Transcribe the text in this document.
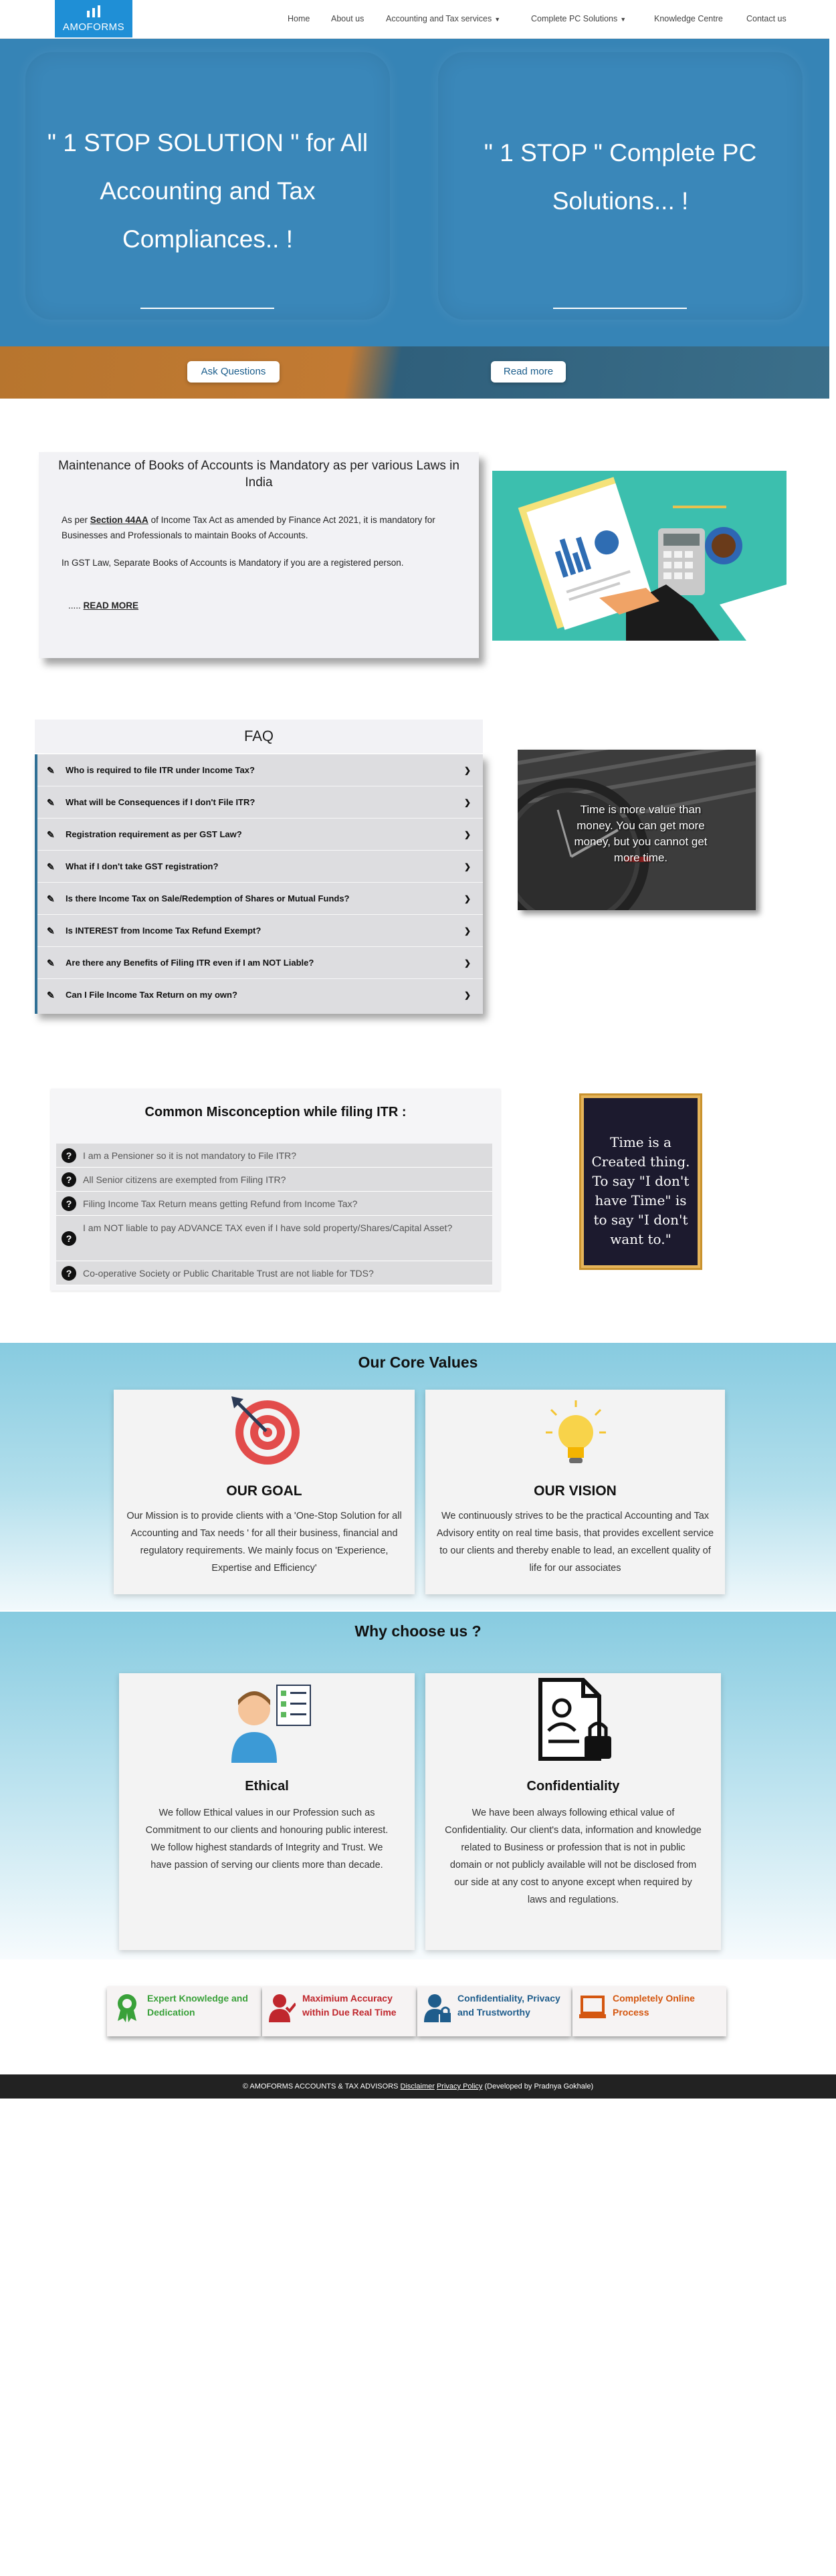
AMOFORMS
Home	About us	Accounting and Tax services ▼	Complete PC Solutions ▼	Knowledge Centre	Contact us
" 1 STOP SOLUTION " for All Accounting and Tax Compliances.. !
" 1 STOP " Complete PC Solutions... !
Ask Questions	Read more
Maintenance of Books of Accounts is Mandatory as per various Laws in India

As per Section 44AA of Income Tax Act as amended by Finance Act 2021, it is mandatory for Businesses and Professionals to maintain Books of Accounts.

In GST Law, Separate Books of Accounts is Mandatory if you are a registered person.

..... READ MORE
FAQ
✎ Who is required to file ITR under Income Tax?	❯
✎ What will be Consequences if I don't File ITR?	❯
✎ Registration requirement as per GST Law?	❯
✎ What if I don't take GST registration?	❯
✎ Is there Income Tax on Sale/Redemption of Shares or Mutual Funds?	❯
✎ Is INTEREST from Income Tax Refund Exempt?	❯
✎ Are there any Benefits of Filing ITR even if I am NOT Liable?	❯
✎ Can I File Income Tax Return on my own?	❯
Time is more value than money. You can get more money, but you cannot get more time.
Common Misconception while filing ITR :
?	I am a Pensioner so it is not mandatory to File ITR?
?	All Senior citizens are exempted from Filing ITR?
?	Filing Income Tax Return means getting Refund from Income Tax?
?
I am NOT liable to pay ADVANCE TAX even if I have sold property/Shares/Capital Asset?
?	Co-operative Society or Public Charitable Trust are not liable for TDS?
Time is a Created thing. To say "I don't have Time" is to say "I don't want to."
Our Core Values
OUR GOAL

Our Mission is to provide clients with a 'One-Stop Solution for all Accounting and Tax needs ' for all their business, financial and regulatory requirements. We mainly focus on 'Experience, Expertise and Efficiency'

OUR VISION

We continuously strives to be the practical Accounting and Tax Advisory entity on real time basis, that provides excellent service to our clients and thereby enable to lead, an excellent quality of life for our associates

Why choose us ?
Ethical

We follow Ethical values in our Profession such as Commitment to our clients and honouring public interest. We follow highest standards of Integrity and Trust. We have passion of serving our clients more than decade.

Confidentiality

We have been always following ethical value of Confidentiality. Our client's data, information and knowledge related to Business or profession that is not in public domain or not publicly available will not be disclosed from our side at any cost to anyone except when required by laws and regulations.

Expert Knowledge and Dedication
Maximium Accuracy within Due Real Time
Confidentiality, Privacy and Trustworthy
Completely Online Process
© AMOFORMS ACCOUNTS & TAX ADVISORS Disclaimer Privacy Policy (Developed by Pradnya Gokhale)
